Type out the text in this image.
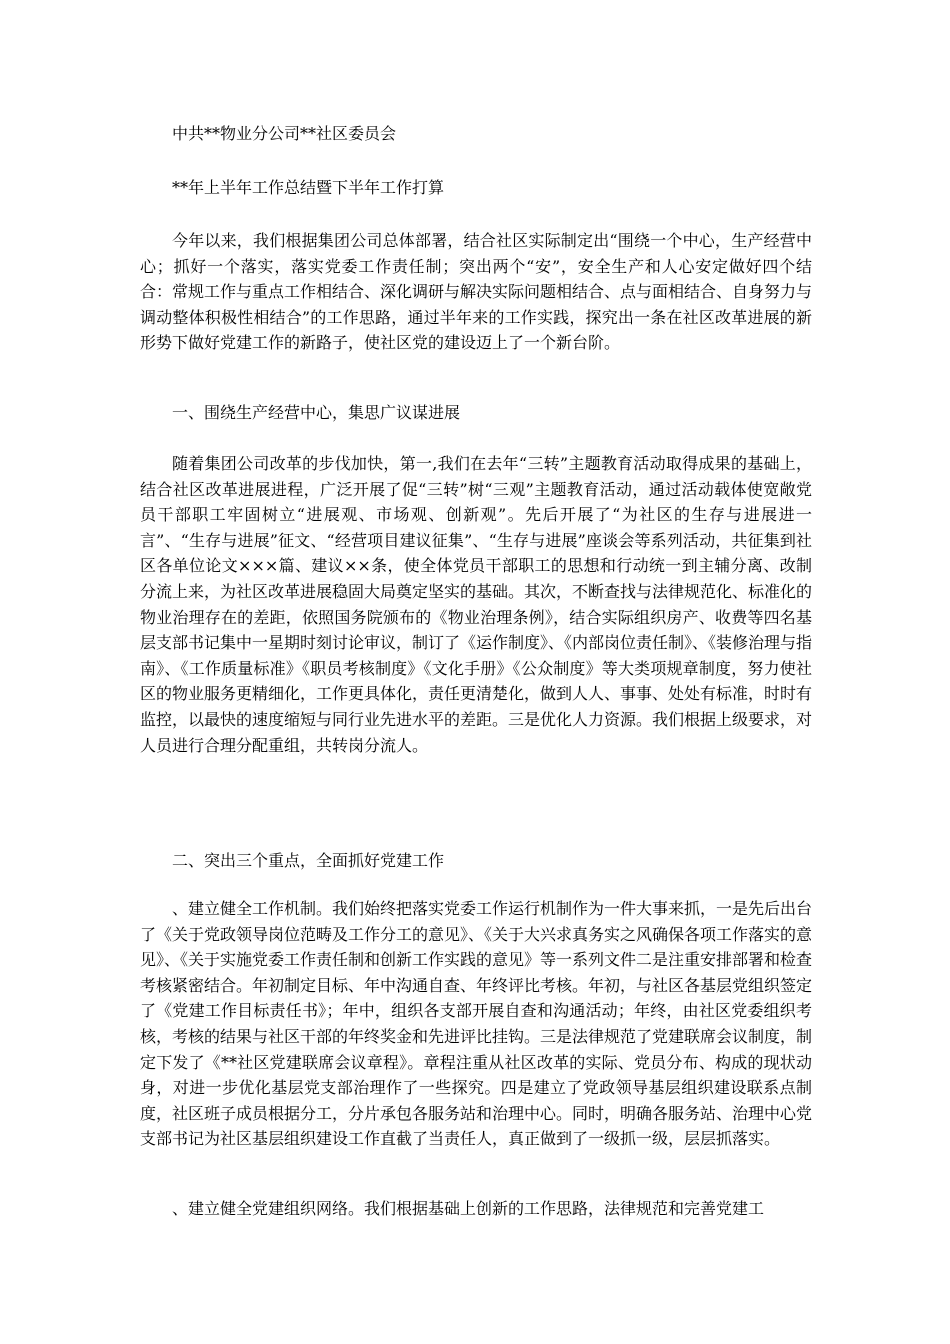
中共**物业分公司**社区委员会

**年上半年工作总结暨下半年工作打算

今年以来，我们根据集团公司总体部署，结合社区实际制定出“围绕一个中心，生产经营中心；抓好一个落实，落实党委工作责任制；突出两个“安”，安全生产和人心安定做好四个结合：常规工作与重点工作相结合、深化调研与解决实际问题相结合、点与面相结合、自身努力与调动整体积极性相结合”的工作思路，通过半年来的工作实践，探究出一条在社区改革进展的新形势下做好党建工作的新路子，使社区党的建设迈上了一个新台阶。

一、围绕生产经营中心，集思广议谋进展

随着集团公司改革的步伐加快，第一,我们在去年“三转”主题教育活动取得成果的基础上，结合社区改革进展进程，广泛开展了促“三转”树“三观”主题教育活动，通过活动载体使宽敞党员干部职工牢固树立“进展观、市场观、创新观”。先后开展了“为社区的生存与进展进一言”、“生存与进展”征文、“经营项目建议征集”、“生存与进展”座谈会等系列活动，共征集到社区各单位论文×××篇、建议××条，使全体党员干部职工的思想和行动统一到主辅分离、改制分流上来，为社区改革进展稳固大局奠定坚实的基础。其次，不断查找与法律规范化、标准化的物业治理存在的差距，依照国务院颁布的《物业治理条例》，结合实际组织房产、收费等四名基层支部书记集中一星期时刻讨论审议，制订了《运作制度》、《内部岗位责任制》、《装修治理与指南》、《工作质量标准》《职员考核制度》《文化手册》《公众制度》等大类项规章制度，努力使社区的物业服务更精细化，工作更具体化，责任更清楚化，做到人人、事事、处处有标准，时时有监控，以最快的速度缩短与同行业先进水平的差距。三是优化人力资源。我们根据上级要求，对人员进行合理分配重组，共转岗分流人。

二、突出三个重点，全面抓好党建工作

、建立健全工作机制。我们始终把落实党委工作运行机制作为一件大事来抓，一是先后出台了《关于党政领导岗位范畴及工作分工的意见》、《关于大兴求真务实之风确保各项工作落实的意见》、《关于实施党委工作责任制和创新工作实践的意见》等一系列文件二是注重安排部署和检查考核紧密结合。年初制定目标、年中沟通自查、年终评比考核。年初，与社区各基层党组织签定了《党建工作目标责任书》；年中，组织各支部开展自查和沟通活动；年终，由社区党委组织考核，考核的结果与社区干部的年终奖金和先进评比挂钩。三是法律规范了党建联席会议制度，制定下发了《**社区党建联席会议章程》。章程注重从社区改革的实际、党员分布、构成的现状动身，对进一步优化基层党支部治理作了一些探究。四是建立了党政领导基层组织建设联系点制度，社区班子成员根据分工，分片承包各服务站和治理中心。同时，明确各服务站、治理中心党支部书记为社区基层组织建设工作直截了当责任人，真正做到了一级抓一级，层层抓落实。

、建立健全党建组织网络。我们根据基础上创新的工作思路，法律规范和完善党建工
